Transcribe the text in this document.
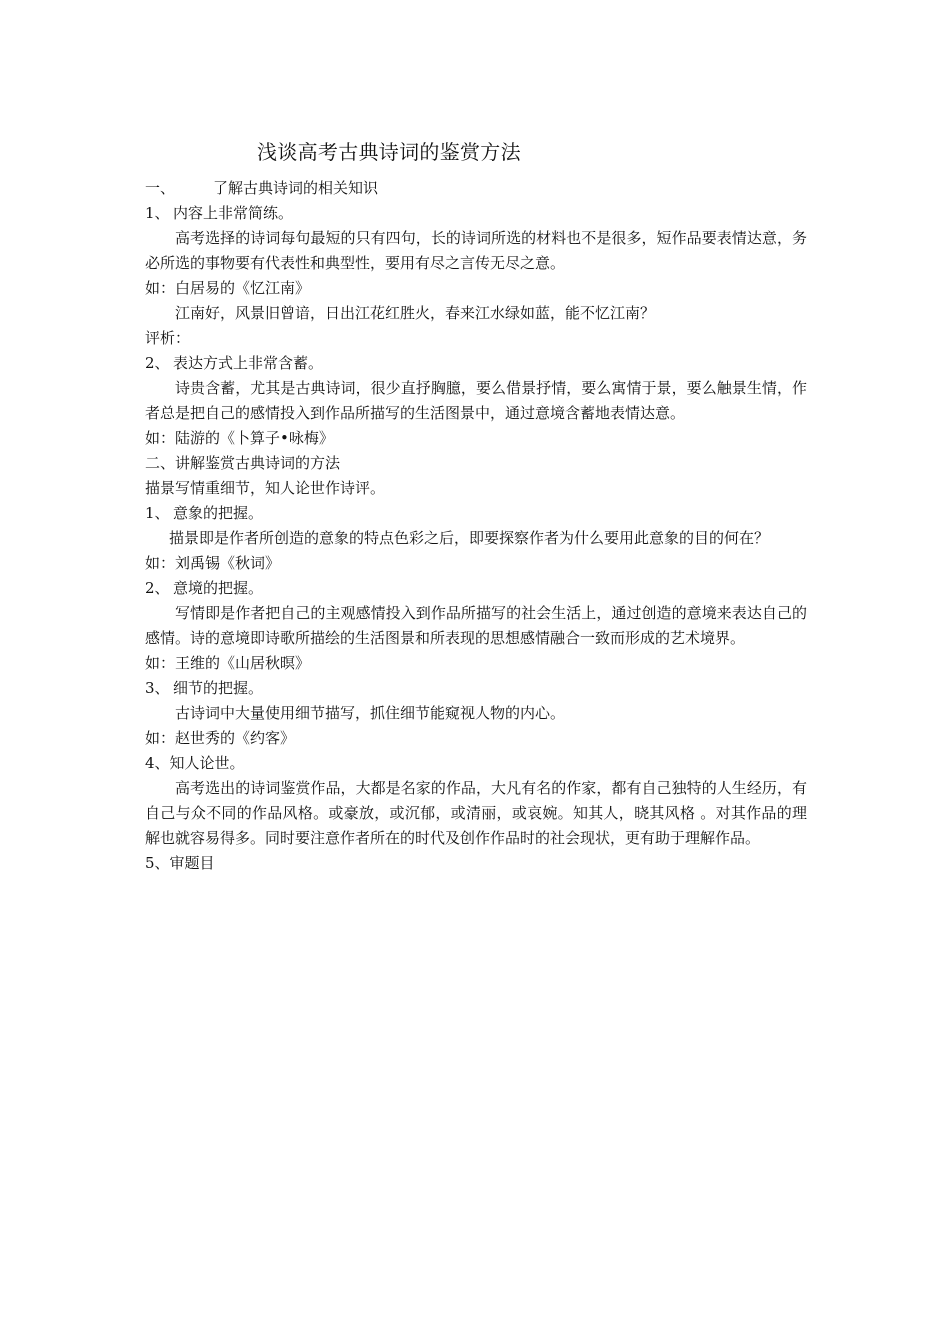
浅谈高考古典诗词的鉴赏方法

一、	了解古典诗词的相关知识

1、 内容上非常简练。

高考选择的诗词每句最短的只有四句，长的诗词所选的材料也不是很多，短作品要表情达意，务必所选的事物要有代表性和典型性，要用有尽之言传无尽之意。

如：白居易的《忆江南》

江南好，风景旧曾谙，日出江花红胜火，春来江水绿如蓝，能不忆江南？

评析：

2、 表达方式上非常含蓄。

诗贵含蓄，尤其是古典诗词，很少直抒胸臆，要么借景抒情，要么寓情于景，要么触景生情，作者总是把自己的感情投入到作品所描写的生活图景中，通过意境含蓄地表情达意。

如：陆游的《卜算子•咏梅》

二、讲解鉴赏古典诗词的方法

描景写情重细节，知人论世作诗评。

1、 意象的把握。

描景即是作者所创造的意象的特点色彩之后，即要探察作者为什么要用此意象的目的何在？

如：刘禹锡《秋词》

2、 意境的把握。

写情即是作者把自己的主观感情投入到作品所描写的社会生活上，通过创造的意境来表达自己的感情。诗的意境即诗歌所描绘的生活图景和所表现的思想感情融合一致而形成的艺术境界。

如：王维的《山居秋暝》

3、 细节的把握。

古诗词中大量使用细节描写，抓住细节能窥视人物的内心。

如：赵世秀的《约客》

4、知人论世。

高考选出的诗词鉴赏作品，大都是名家的作品，大凡有名的作家，都有自己独特的人生经历，有自己与众不同的作品风格。或豪放，或沉郁，或清丽，或哀婉。知其人，晓其风格 。对其作品的理解也就容易得多。同时要注意作者所在的时代及创作作品时的社会现状，更有助于理解作品。

5、审题目
